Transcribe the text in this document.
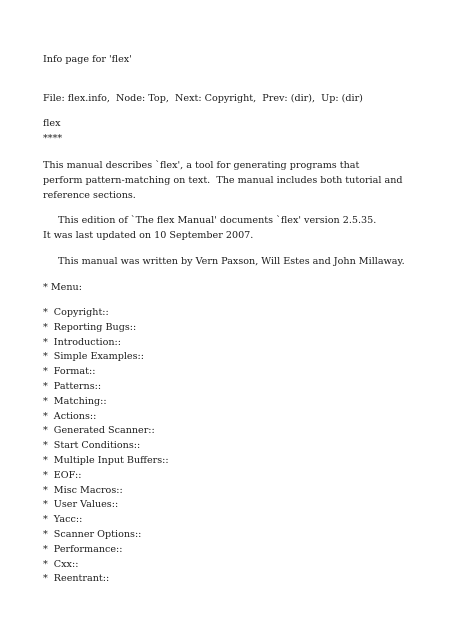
Info page for 'flex'

File: flex.info,  Node: Top,  Next: Copyright,  Prev: (dir),  Up: (dir)

flex

****

This manual describes `flex', a tool for generating programs that

perform pattern-matching on text.  The manual includes both tutorial and

reference sections.

This edition of `The flex Manual' documents `flex' version 2.5.35.

It was last updated on 10 September 2007.

This manual was written by Vern Paxson, Will Estes and John Millaway.

* Menu:

* Copyright::
* Reporting Bugs::
* Introduction::
* Simple Examples::
* Format::
* Patterns::
* Matching::
* Actions::
* Generated Scanner::
* Start Conditions::
* Multiple Input Buffers::
* EOF::
* Misc Macros::
* User Values::
* Yacc::
* Scanner Options::
* Performance::
* Cxx::
* Reentrant::
